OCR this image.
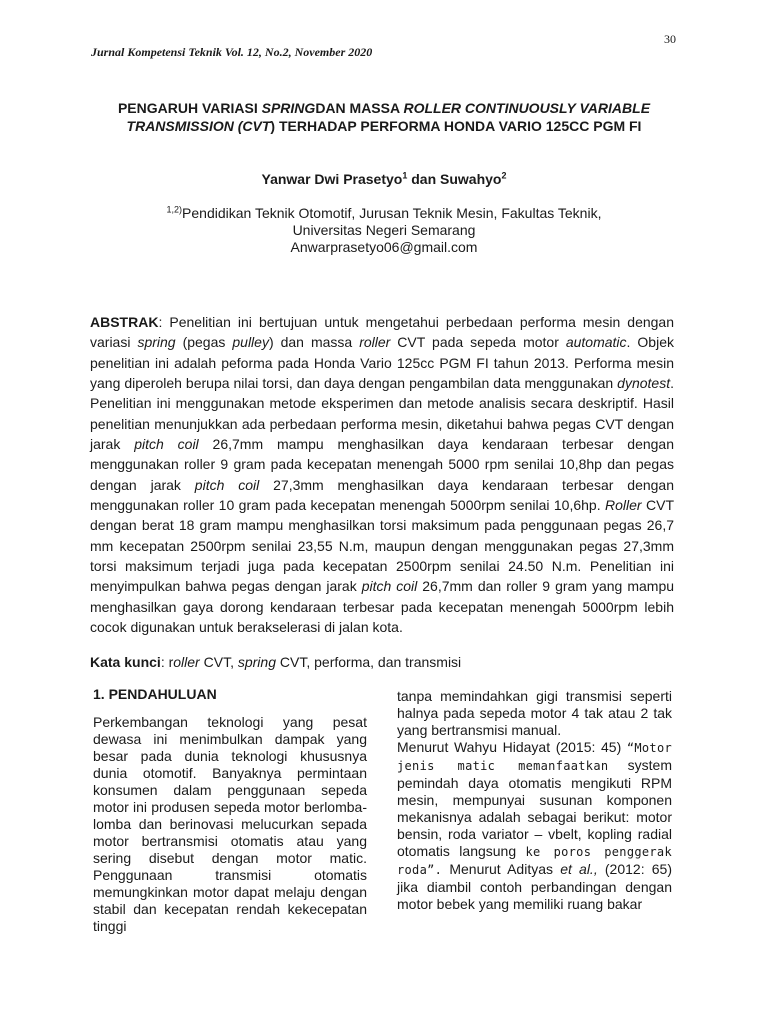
30
Jurnal Kompetensi Teknik Vol. 12, No.2, November 2020
PENGARUH VARIASI SPRINGDAN MASSA ROLLER CONTINUOUSLY VARIABLE TRANSMISSION (CVT) TERHADAP PERFORMA HONDA VARIO 125CC PGM FI
Yanwar Dwi Prasetyo$^1$ dan Suwahyo$^2$
$^{1,2)}$Pendidikan Teknik Otomotif, Jurusan Teknik Mesin, Fakultas Teknik,
Universitas Negeri Semarang
Anwarprasetyo06@gmail.com
ABSTRAK: Penelitian ini bertujuan untuk mengetahui perbedaan performa mesin dengan variasi spring (pegas pulley) dan massa roller CVT pada sepeda motor automatic. Objek penelitian ini adalah peforma pada Honda Vario 125cc PGM FI tahun 2013. Performa mesin yang diperoleh berupa nilai torsi, dan daya dengan pengambilan data menggunakan dynotest. Penelitian ini menggunakan metode eksperimen dan metode analisis secara deskriptif. Hasil penelitian menunjukkan ada perbedaan performa mesin, diketahui bahwa pegas CVT dengan jarak pitch coil 26,7mm mampu menghasilkan daya kendaraan terbesar dengan menggunakan roller 9 gram pada kecepatan menengah 5000 rpm senilai 10,8hp dan pegas dengan jarak pitch coil 27,3mm menghasilkan daya kendaraan terbesar dengan menggunakan roller 10 gram pada kecepatan menengah 5000rpm senilai 10,6hp. Roller CVT dengan berat 18 gram mampu menghasilkan torsi maksimum pada penggunaan pegas 26,7 mm kecepatan 2500rpm senilai 23,55 N.m, maupun dengan menggunakan pegas 27,3mm torsi maksimum terjadi juga pada kecepatan 2500rpm senilai 24.50 N.m. Penelitian ini menyimpulkan bahwa pegas dengan jarak pitch coil 26,7mm dan roller 9 gram yang mampu menghasilkan gaya dorong kendaraan terbesar pada kecepatan menengah 5000rpm lebih cocok digunakan untuk berakselerasi di jalan kota.
Kata kunci: roller CVT, spring CVT, performa, dan transmisi
1. PENDAHULUAN

Perkembangan teknologi yang pesat dewasa ini menimbulkan dampak yang besar pada dunia teknologi khususnya dunia otomotif. Banyaknya permintaan konsumen dalam penggunaan sepeda motor ini produsen sepeda motor berlomba-lomba dan berinovasi melucurkan sepada motor bertransmisi otomatis atau yang sering disebut dengan motor matic. Penggunaan transmisi otomatis memungkinkan motor dapat melaju dengan stabil dan kecepatan rendah kekecepatan tinggi

tanpa memindahkan gigi transmisi seperti halnya pada sepeda motor 4 tak atau 2 tak yang bertransmisi manual.

Menurut Wahyu Hidayat (2015: 45) “Motor jenis matic memanfaatkan system pemindah daya otomatis mengikuti RPM mesin, mempunyai susunan komponen mekanisnya adalah sebagai berikut: motor bensin, roda variator – vbelt, kopling radial otomatis langsung ke poros penggerak roda”. Menurut Adityas et al., (2012: 65) jika diambil contoh perbandingan dengan motor bebek yang memiliki ruang bakar
